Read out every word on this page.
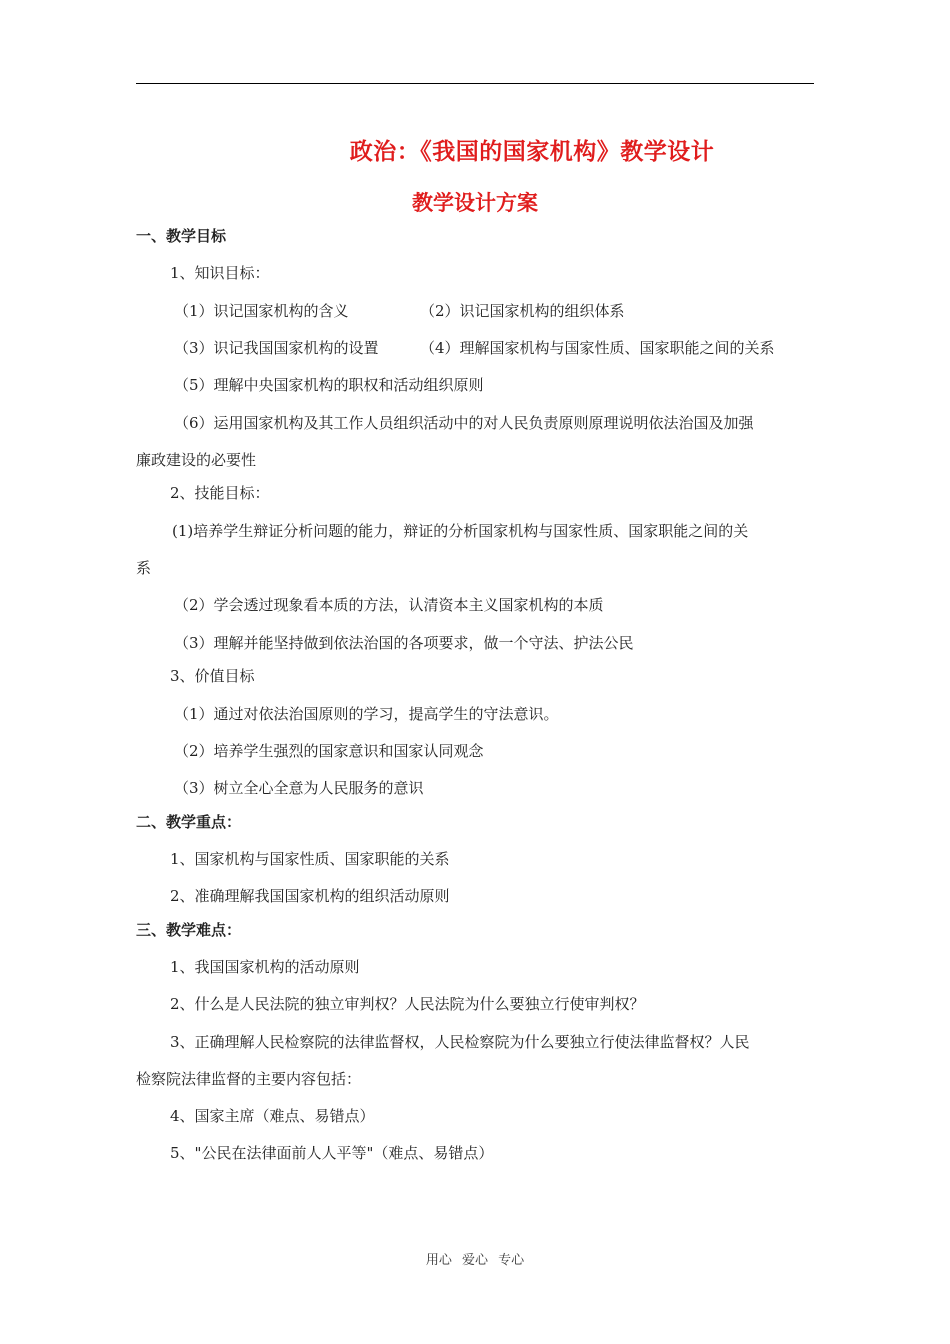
政治：《我国的国家机构》教学设计
教学设计方案
一、教学目标
1、知识目标：
（1）识记国家机构的含义	（2）识记国家机构的组织体系
（3）识记我国国家机构的设置	（4）理解国家机构与国家性质、国家职能之间的关系
（5）理解中央国家机构的职权和活动组织原则
（6）运用国家机构及其工作人员组织活动中的对人民负责原则原理说明依法治国及加强
廉政建设的必要性
2、技能目标：
(1)培养学生辩证分析问题的能力，辩证的分析国家机构与国家性质、国家职能之间的关
系
（2）学会透过现象看本质的方法，认清资本主义国家机构的本质
（3）理解并能坚持做到依法治国的各项要求，做一个守法、护法公民
3、价值目标
（1）通过对依法治国原则的学习，提高学生的守法意识。
（2）培养学生强烈的国家意识和国家认同观念
（3）树立全心全意为人民服务的意识
二、教学重点：
1、国家机构与国家性质、国家职能的关系
2、准确理解我国国家机构的组织活动原则
三、教学难点：
1、我国国家机构的活动原则
2、什么是人民法院的独立审判权？人民法院为什么要独立行使审判权？
3、正确理解人民检察院的法律监督权，人民检察院为什么要独立行使法律监督权？人民
检察院法律监督的主要内容包括：
4、国家主席（难点、易错点）
5、"公民在法律面前人人平等"（难点、易错点）
用心 爱心 专心
